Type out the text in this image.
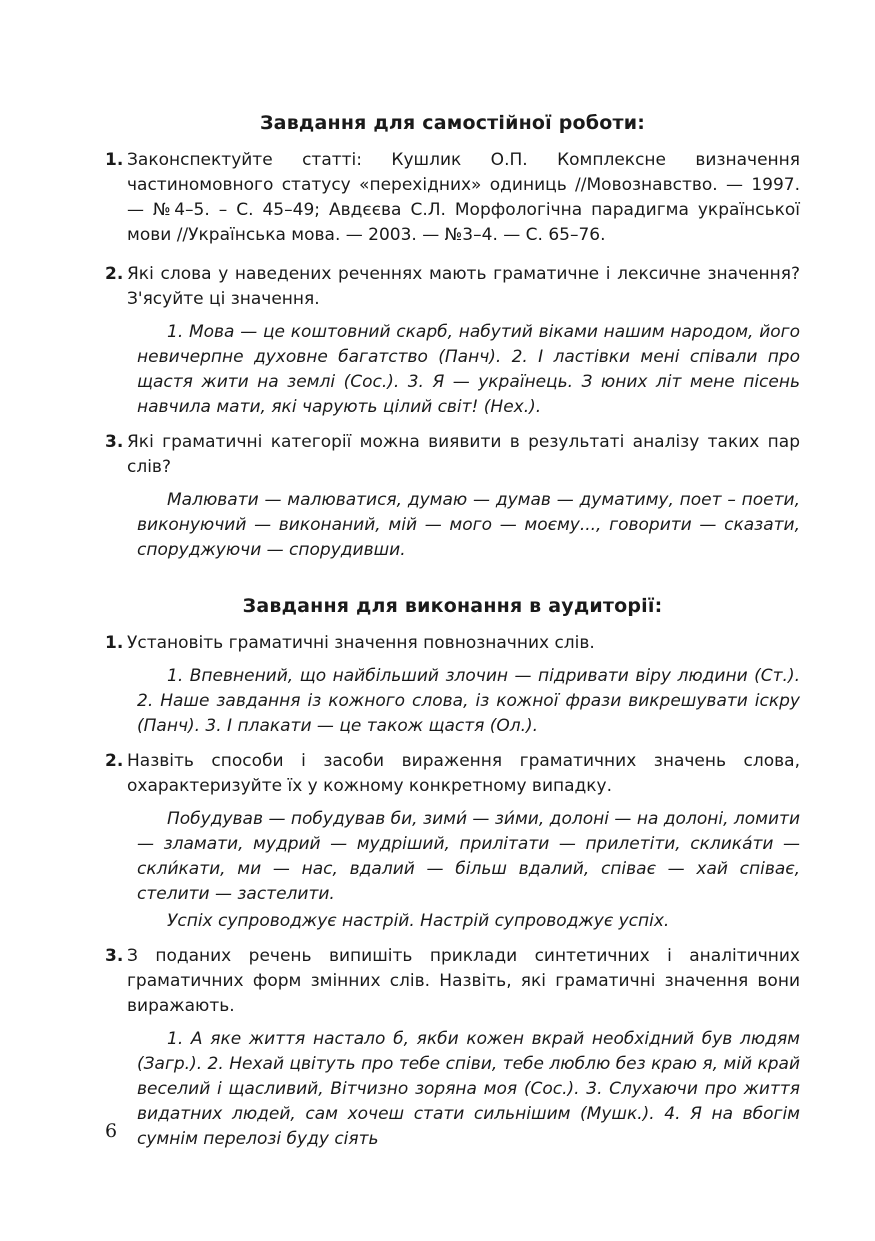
Завдання для самостійної роботи:
1. Законспектуйте статті: Кушлик О.П. Комплексне визначення частиномовного статусу «перехідних» одиниць //Мовознавство. — 1997. — №4–5. – С. 45–49; Авдєєва С.Л. Морфологічна парадигма української мови //Українська мова. — 2003. — №3–4. — С. 65–76.
2. Які слова у наведених реченнях мають граматичне і лексичне значення? З'ясуйте ці значення.
1. Мова — це коштовний скарб, набутий віками нашим народом, його невичерпне духовне багатство (Панч). 2. І ластівки мені співали про щастя жити на землі (Сос.). 3. Я — українець. З юних літ мене пісень навчила мати, які чарують цілий світ! (Нех.).
3. Які граматичні категорії можна виявити в результаті аналізу таких пар слів?
Малювати — малюватися, думаю — думав — думатиму, поет – поети, виконуючий — виконаний, мій — мого — моєму..., говорити — сказати, споруджуючи — спорудивши.
Завдання для виконання в аудиторії:
1. Установіть граматичні значення повнозначних слів.
1. Впевнений, що найбільший злочин — підривати віру людини (Ст.). 2. Наше завдання із кожного слова, із кожної фрази викрешувати іскру (Панч). 3. І плакати — це також щастя (Ол.).
2. Назвіть способи і засоби вираження граматичних значень слова, охарактеризуйте їх у кожному конкретному випадку.
Побудував — побудував би, зими́ — зи́ми, долоні — на долоні, ломити — зламати, мудрий — мудріший, прилітати — прилетіти, склика́ти — скли́кати, ми — нас, вдалий — більш вдалий, співає — хай співає, стелити — застелити.
Успіх супроводжує настрій. Настрій супроводжує успіх.
3. З поданих речень випишіть приклади синтетичних і аналітичних граматичних форм змінних слів. Назвіть, які граматичні значення вони виражають.
1. А яке життя настало б, якби кожен вкрай необхідний був людям (Загр.). 2. Нехай цвітуть про тебе співи, тебе люблю без краю я, мій край веселий і щасливий, Вітчизно зоряна моя (Сос.). 3. Слухаючи про життя видатних людей, сам хочеш стати сильнішим (Мушк.). 4. Я на вбогім сумнім перелозі буду сіять
6
